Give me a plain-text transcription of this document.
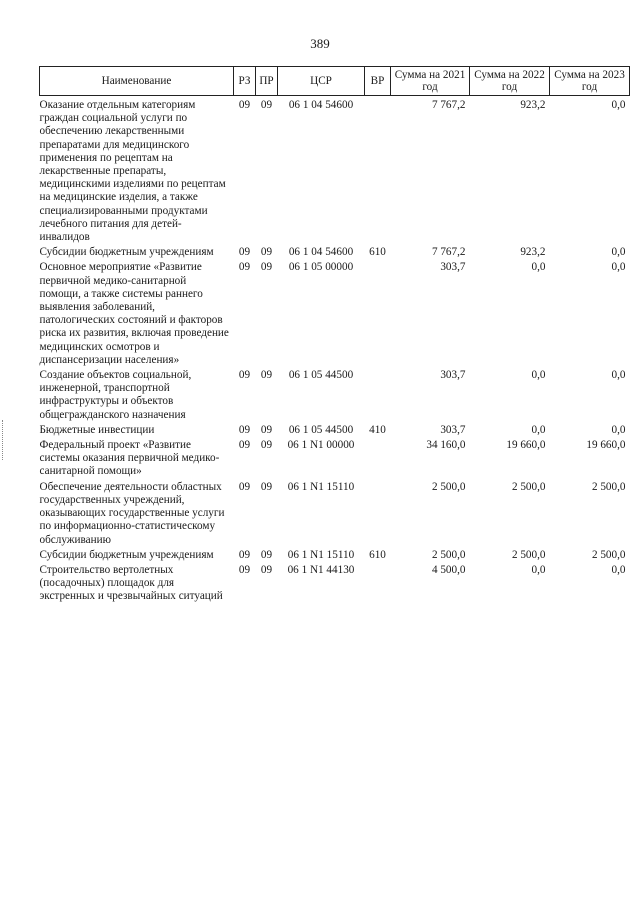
389
Наименование	РЗ	ПР	ЦСР	ВР	Сумма на 2021 год	Сумма на 2022 год	Сумма на 2023 год
Оказание отдельным категориям граждан социальной услуги по обеспечению лекарственными препаратами для медицинского применения по рецептам на лекарственные препараты, медицинскими изделиями по рецептам на медицинские изделия, а также специализированными продуктами лечебного питания для детей-инвалидов	09	09	06 1 04 54600		7 767,2	923,2	0,0
Субсидии бюджетным учреждениям	09	09	06 1 04 54600	610	7 767,2	923,2	0,0
Основное мероприятие «Развитие первичной медико-санитарной помощи, а также системы раннего выявления заболеваний, патологических состояний и факторов риска их развития, включая проведение медицинских осмотров и диспансеризации населения»	09	09	06 1 05 00000		303,7	0,0	0,0
Создание объектов социальной, инженерной, транспортной инфраструктуры и объектов общегражданского назначения	09	09	06 1 05 44500		303,7	0,0	0,0
Бюджетные инвестиции	09	09	06 1 05 44500	410	303,7	0,0	0,0
Федеральный проект «Развитие системы оказания первичной медико-санитарной помощи»	09	09	06 1 N1 00000		34 160,0	19 660,0	19 660,0
Обеспечение деятельности областных государственных учреждений, оказывающих государственные услуги по информационно-статистическому обслуживанию	09	09	06 1 N1 15110		2 500,0	2 500,0	2 500,0
Субсидии бюджетным учреждениям	09	09	06 1 N1 15110	610	2 500,0	2 500,0	2 500,0
Строительство вертолетных (посадочных) площадок для экстренных и чрезвычайных ситуаций	09	09	06 1 N1 44130		4 500,0	0,0	0,0
